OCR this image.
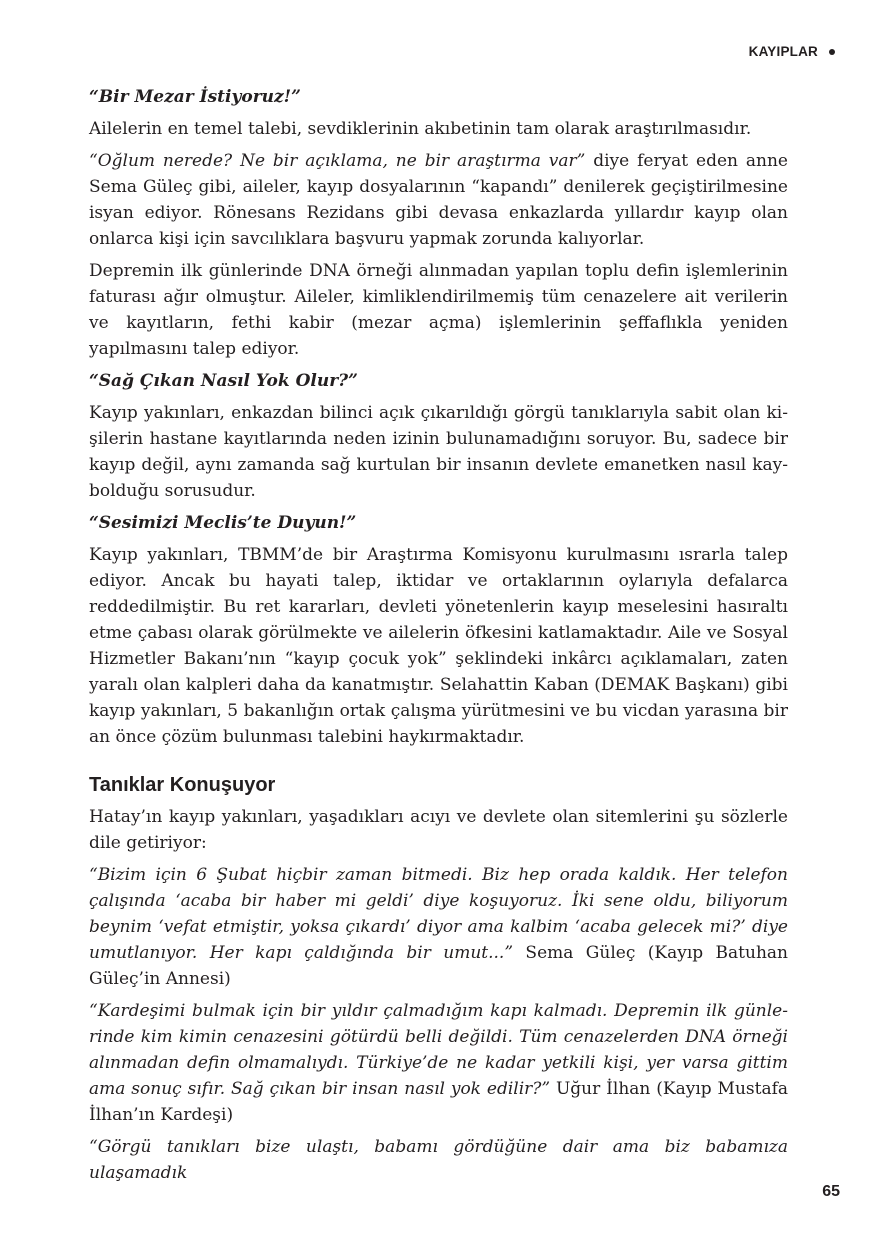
KAYIPLAR

“Bir Mezar İstiyoruz!”

Ailelerin en temel talebi, sevdiklerinin akıbetinin tam olarak araştırılmasıdır.

“Oğlum nerede? Ne bir açıklama, ne bir araştırma var” diye feryat eden anne Sema Güleç gibi, aileler, kayıp dosyalarının “kapandı” denilerek geçiştirilmesine isyan ediyor. Rönesans Rezidans gibi devasa enkazlarda yıllardır kayıp olan onlarca kişi için savcılıklara başvuru yapmak zorunda kalıyorlar.

Depremin ilk günlerinde DNA örneği alınmadan yapılan toplu defin işlemlerinin faturası ağır olmuştur. Aileler, kimliklendirilmemiş tüm cenazelere ait verilerin ve kayıtların, fethi kabir (mezar açma) işlemlerinin şeffaflıkla yeniden yapılmasını talep ediyor.

“Sağ Çıkan Nasıl Yok Olur?”

Kayıp yakınları, enkazdan bilinci açık çıkarıldığı görgü tanıklarıyla sabit olan kişilerin hastane kayıtlarında neden izinin bulunamadığını soruyor. Bu, sadece bir kayıp değil, aynı zamanda sağ kurtulan bir insanın devlete emanetken nasıl kaybolduğu sorusudur.

“Sesimizi Meclis’te Duyun!”

Kayıp yakınları, TBMM’de bir Araştırma Komisyonu kurulmasını ısrarla talep ediyor. Ancak bu hayati talep, iktidar ve ortaklarının oylarıyla defalarca reddedilmiştir. Bu ret kararları, devleti yönetenlerin kayıp meselesini hasıraltı etme çabası olarak görülmekte ve ailelerin öfkesini katlamaktadır. Aile ve Sosyal Hizmetler Bakanı’nın “kayıp çocuk yok” şeklindeki inkârcı açıklamaları, zaten yaralı olan kalpleri daha da kanatmıştır. Selahattin Kaban (DEMAK Başkanı) gibi kayıp yakınları, 5 bakanlığın ortak çalışma yürütmesini ve bu vicdan yarasına bir an önce çözüm bulunması talebini haykırmaktadır.

Tanıklar Konuşuyor

Hatay’ın kayıp yakınları, yaşadıkları acıyı ve devlete olan sitemlerini şu sözlerle dile getiriyor:

“Bizim için 6 Şubat hiçbir zaman bitmedi. Biz hep orada kaldık. Her telefon çalışında ‘acaba bir haber mi geldi’ diye koşuyoruz. İki sene oldu, biliyorum beynim ‘vefat etmiştir, yoksa çıkardı’ diyor ama kalbim ‘acaba gelecek mi?’ diye umutlanıyor. Her kapı çaldığında bir umut...” Sema Güleç (Kayıp Batuhan Güleç’in Annesi)

“Kardeşimi bulmak için bir yıldır çalmadığım kapı kalmadı. Depremin ilk günlerinde kim kimin cenazesini götürdü belli değildi. Tüm cenazelerden DNA örneği alınmadan defin olmamalıydı. Türkiye’de ne kadar yetkili kişi, yer varsa gittim ama sonuç sıfır. Sağ çıkan bir insan nasıl yok edilir?” Uğur İlhan (Kayıp Mustafa İlhan’ın Kardeşi)

“Görgü tanıkları bize ulaştı, babamı gördüğüne dair ama biz babamıza ulaşamadık

65
